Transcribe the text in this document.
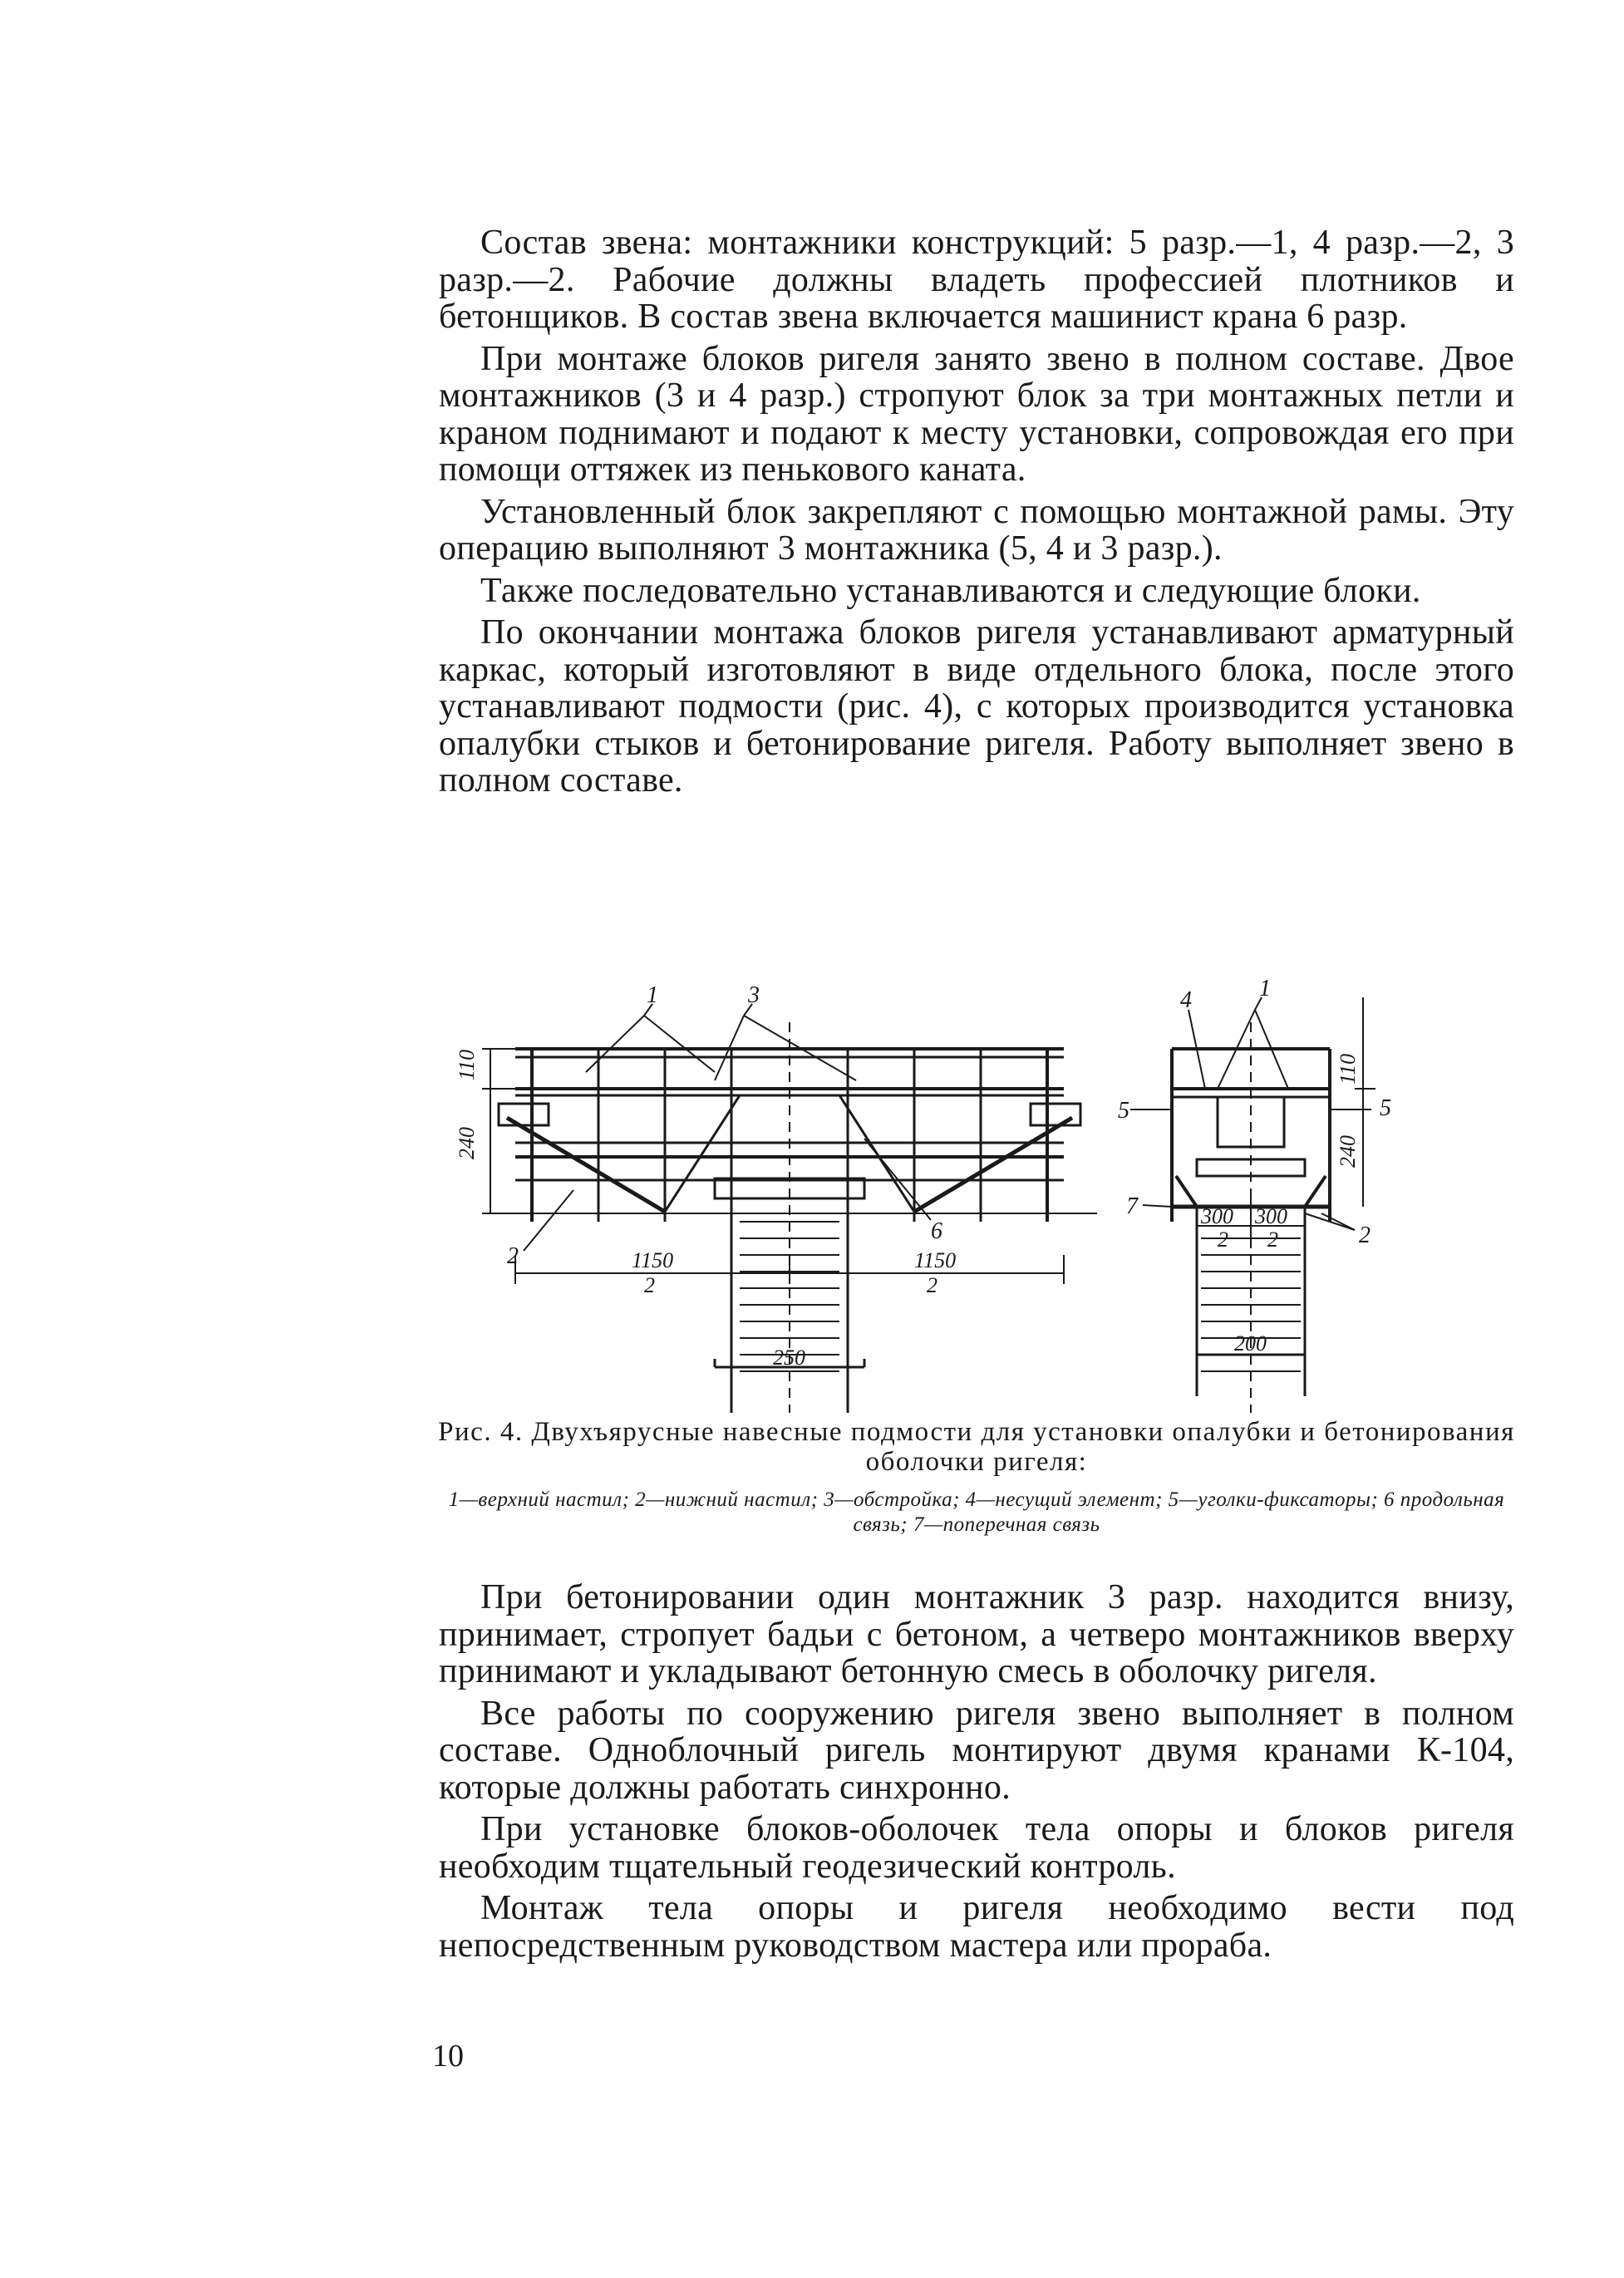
Состав звена: монтажники конструкций: 5 разр.—1, 4 разр.—2, 3 разр.—2. Рабочие должны владеть профессией плотников и бетонщиков. В состав звена включается машинист крана 6 разр.

При монтаже блоков ригеля занято звено в полном составе. Двое монтажников (3 и 4 разр.) стропуют блок за три монтажных петли и краном поднимают и подают к месту установки, сопровождая его при помощи оттяжек из пенькового каната.

Установленный блок закрепляют с помощью монтажной рамы. Эту операцию выполняют 3 монтажника (5, 4 и 3 разр.).

Также последовательно устанавливаются и следующие блоки.

По окончании монтажа блоков ригеля устанавливают арматурный каркас, который изготовляют в виде отдельного блока, после этого устанавливают подмости (рис. 4), с которых производится установка опалубки стыков и бетонирование ригеля. Работу выполняет звено в полном составе.

1	3
2
6
110
240
1150
2
1150
2
250
4	1
5	5
7
2
110
240
300 300
2 2
200
Рис. 4. Двухъярусные навесные подмости для установки опалубки и бетонирования оболочки ригеля:
1—верхний настил; 2—нижний настил; 3—обстройка; 4—несущий элемент; 5—уголки-фиксаторы; 6 продольная связь; 7—поперечная связь

При бетонировании один монтажник 3 разр. находится внизу, принимает, стропует бадьи с бетоном, а четверо монтажников вверху принимают и укладывают бетонную смесь в оболочку ригеля.

Все работы по сооружению ригеля звено выполняет в полном составе. Одноблочный ригель монтируют двумя кранами К-104, которые должны работать синхронно.

При установке блоков-оболочек тела опоры и блоков ригеля необходим тщательный геодезический контроль.

Монтаж тела опоры и ригеля необходимо вести под непосредственным руководством мастера или прораба.

10
